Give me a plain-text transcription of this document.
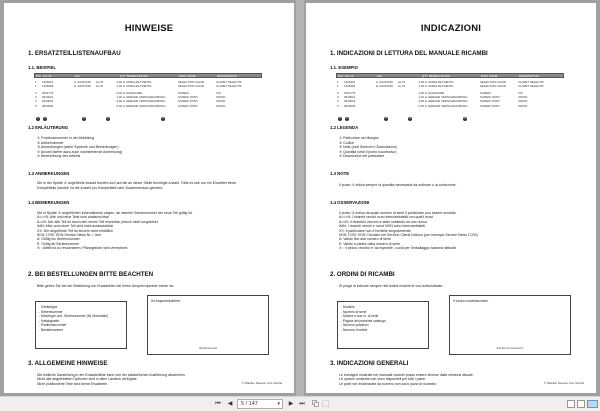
HINWEISE
1. ERSATZTEILLISTENAUFBAU
1.1. BEISPIEL
Pos Art.-Nr.	Info	QTY BEZEICHNUNG	PART NAME	DESIGNATION
1	1426410	A: AA007230	à+=N	1,00 st UMSCHALTVENTIL	SELECTION VALVE	CLAPET SELECTIF
1	1426409	E: AA007240	à+=N	1,00 st UMSCHALTVENTIL	SELECTION VALVE	CLAPET SELECTIF
2	0001775	2,00 st SCHRAUBE	SCREW	VIS
3	0910021	1,00 st GERADE VERSCHRAUBUNG	SCREW JOINT	UNION
4	0910024	4,00 st GERADE VERSCHRAUBUNG	SCREW JOINT	UNION
5	0910030	2,00 st GERADE VERSCHRAUBUNG	SCREW JOINT	UNION
1	2	3	4	5
1.2 ERLÄUTERUNG
① Positionsnummer in der Abbildung
② Artikelnummer
③ Anmerkungen (siehe Symbole und Bemerkungen)
④ Anzahl (siehe dazu auch nachstehende Anmerkung)
⑤ Bezeichnung des Artikels
1.3 ANMERKUNGEN
Die in der Spalte ④ angeführte Anzahl bezieht sich auf die an dieser Stelle benötigte Anzahl. Falls es sich um ein Einzelteil eines
Kompletteils handelt, ist die Anzahl pro Komplettteil oder Zusammenbau gemeint.
1.4 BEMERKUNGEN
Die in Spalte ③ angeführten Informationen zeigen, ab welcher Seriennummer der neue Teil gültig ist.
A<=>N: Alte und neue Teile sind austauschbar
A=>N: Der alte Teil ist durch den neuen Teil ersetzbar, jedoch nicht umgekehrt
A#N: Alter und neuer Teil sind nicht austauschbar
XX: Der angeführte Teil ist einzeln nicht erhältlich
KDN 17/00: KDN Service News Nr. / Jahr
A: Gültig bis Seriennummer
E: Gültig ab Seriennummer
④ : Altteil ist zu retournieren; Pfandgebühr wird verrechnet.
2. BEI BESTELLUNGEN BITTE BEACHTEN
Bitte geben Sie bei der Bestellung von Ersatzteilen bei Ihrem Ansprechpartner immer an:
- Gerätetype
- Seriennummer
- Motortype und -Seriennummer (für Motorteile)
- Katalogseite
- Positionsnummer
- Bestellnummer
Ihr Ansprechpartner:
Händlerstempel
3. ALLGEMEINE HINWEISE
Die bildliche Darstellung in der Ersatzteilliste kann von der tatsächlichen Ausführung abweichen.
Nicht alle abgebildeten Optionen sind in allen Ländern verfügbar.
Nicht positionierte Teile sind keine Ersatzteile.	© Wacker Neuson Linz GmbH
INDICAZIONI
1. INDICAZIONI DI LETTURA DEL MANUALE RICAMBI
1.1. ESEMPIO
Pos Art.-Nr.	Info	QTY BEZEICHNUNG	PART NAME	DESIGNATION
1	1426410	A: AA007230	à+=N	1,00 st UMSCHALTVENTIL	SELECTION VALVE	CLAPET SELECTIF
1	1426409	E: AA007240	à+=N	1,00 st UMSCHALTVENTIL	SELECTION VALVE	CLAPET SELECTIF
2	0001775	2,00 st SCHRAUBE	SCREW	VIS
3	0910021	1,00 st GERADE VERSCHRAUBUNG	SCREW JOINT	UNION
4	0910024	4,00 st GERADE VERSCHRAUBUNG	SCREW JOINT	UNION
5	0910030	2,00 st GERADE VERSCHRAUBUNG	SCREW JOINT	UNION
1	2	3	4	5
1.2 LEGENDA
① Particolare nel disegno
② Codice
③ Note (vedi Simboli e Osservazioni)
④ Quantità (vedi il punto successivo)
⑤ Descrizione del particolare
1.3 NOTE
Il punto ④ indica sempre la quantità necessaria da ordinare o la confezione.
1.4 OSSERVAZIONI
Il punto ③ indica da quale numero di serie il particolare può essere montato.
A<=>N: I ricambi vecchi sono intercambiabili con quelli nuovi.
A=>N: Il ricambio vecchio è stato sostituito da uno nuovo.
A#N: I ricambi vecchi e nuovi NON sono intercambiabili.
XX: Il particolare non è fornibile singolarmente.
KDN 17/00: KDN Circolare del Servizio Clienti NrAnno (per esempio Service News 17/00)
A: Valido fino alla numero di serie
E: Valido a partire dalla numero di serie
④ : Il pezzo vecchio e' da rispedire, i costi per l'imballaggio saranno fatturati
2. ORDINI DI RICAMBI
Si prega di indicare sempre nell'ordine ricambi le voci sottoindicate:
- Modello
- Numero di serie
- Motore e suo nr. di serie
- Pagina del presente catalogo
- Numero posizioni
- Numero d'ordine
Il vostro concessionario:
dati del concessionario
3. INDICAZIONI GENERALI
Le immagini mostrate nel manuale ricambi posso essere diverse dalla versione attuale.
Le opzioni mostrate non sono disponibili per tutti i paesi.
Le parti non evidenziate da numero non sono pazzi di ricambio.	© Wacker Neuson Linz GmbH
⏮ ◀	5 / 147	▾ ▶ ⏭
